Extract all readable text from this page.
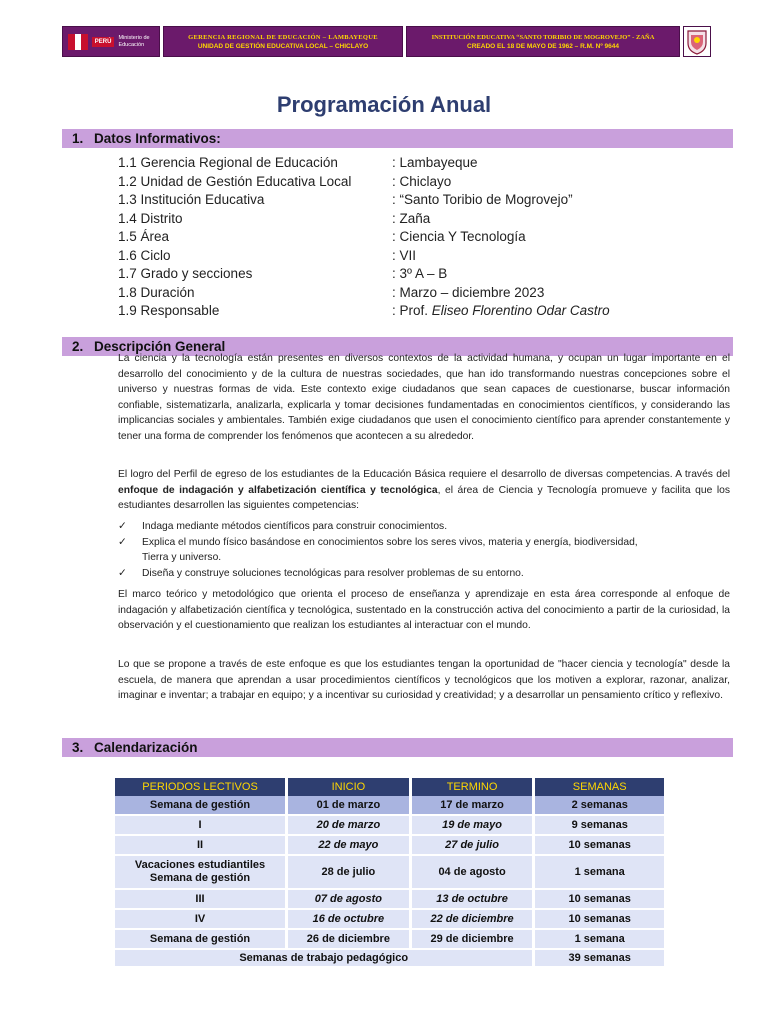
PERÚ
Ministerio de Educación
GERENCIA REGIONAL DE EDUCACIÓN – LAMBAYEQUE
UNIDAD DE GESTIÓN EDUCATIVA LOCAL – CHICLAYO
INSTITUCIÓN EDUCATIVA “SANTO TORIBIO DE MOGROVEJO” - ZAÑA
CREADO EL 18 DE MAYO DE 1962 – R.M. Nº 9644
Programación Anual
1. Datos Informativos:
1.1 Gerencia Regional de Educación	: Lambayeque
1.2 Unidad de Gestión Educativa Local	: Chiclayo
1.3 Institución Educativa	: “Santo Toribio de Mogrovejo”
1.4 Distrito	: Zaña
1.5 Área	: Ciencia Y Tecnología
1.6 Ciclo	: VII
1.7 Grado y secciones	: 3º A – B
1.8 Duración	: Marzo – diciembre 2023
1.9 Responsable	: Prof. Eliseo Florentino Odar Castro
2. Descripción General

La ciencia y la tecnología están presentes en diversos contextos de la actividad humana, y ocupan un lugar importante en el desarrollo del conocimiento y de la cultura de nuestras sociedades, que han ido transformando nuestras concepciones sobre el universo y nuestras formas de vida. Este contexto exige ciudadanos que sean capaces de cuestionarse, buscar información confiable, sistematizarla, analizarla, explicarla y tomar decisiones fundamentadas en conocimientos científicos, y considerando las implicancias sociales y ambientales. También exige ciudadanos que usen el conocimiento científico para aprender constantemente y tener una forma de comprender los fenómenos que acontecen a su alrededor.

El logro del Perfil de egreso de los estudiantes de la Educación Básica requiere el desarrollo de diversas competencias. A través del enfoque de indagación y alfabetización científica y tecnológica, el área de Ciencia y Tecnología promueve y facilita que los estudiantes desarrollen las siguientes competencias:

✓	Indaga mediante métodos científicos para construir conocimientos.
✓	Explica el mundo físico basándose en conocimientos sobre los seres vivos, materia y energía, biodiversidad,
Tierra y universo.
✓	Diseña y construye soluciones tecnológicas para resolver problemas de su entorno.

El marco teórico y metodológico que orienta el proceso de enseñanza y aprendizaje en esta área corresponde al enfoque de indagación y alfabetización científica y tecnológica, sustentado en la construcción activa del conocimiento a partir de la curiosidad, la observación y el cuestionamiento que realizan los estudiantes al interactuar con el mundo.

Lo que se propone a través de este enfoque es que los estudiantes tengan la oportunidad de "hacer ciencia y tecnología" desde la escuela, de manera que aprendan a usar procedimientos científicos y tecnológicos que los motiven a explorar, razonar, analizar, imaginar e inventar; a trabajar en equipo; y a incentivar su curiosidad y creatividad; y a desarrollar un pensamiento crítico y reflexivo.

3. Calendarización
PERIODOS LECTIVOS	INICIO	TERMINO	SEMANAS
Semana de gestión	01 de marzo	17 de marzo	2 semanas
I	20 de marzo	19 de mayo	9 semanas
II	22 de mayo	27 de julio	10 semanas

Vacaciones estudiantiles
Semana de gestión	28 de julio	04 de agosto	1 semana
III	07 de agosto	13 de octubre	10 semanas
IV	16 de octubre	22 de diciembre	10 semanas
Semana de gestión	26 de diciembre	29 de diciembre	1 semana
Semanas de trabajo pedagógico			39 semanas
